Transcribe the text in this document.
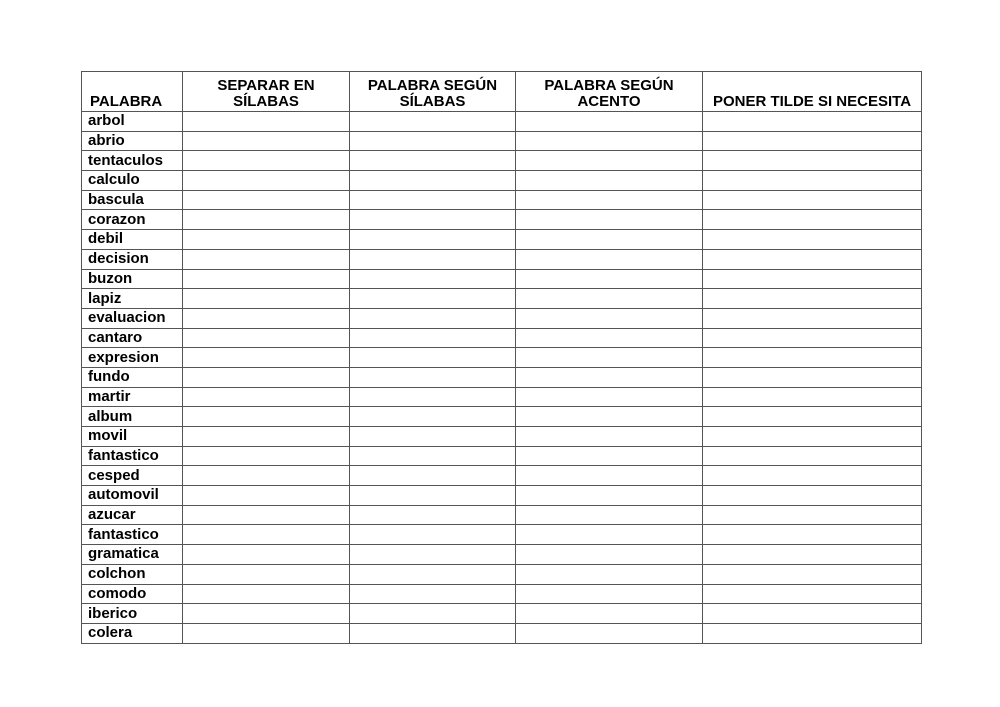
PALABRA	SEPARAR EN SÍLABAS	PALABRA SEGÚN SÍLABAS	PALABRA SEGÚN ACENTO	PONER TILDE SI NECESITA
arbol				
abrio				
tentaculos				
calculo				
bascula				
corazon				
debil				
decision				
buzon				
lapiz				
evaluacion				
cantaro				
expresion				
fundo				
martir				
album				
movil				
fantastico				
cesped				
automovil				
azucar				
fantastico				
gramatica				
colchon				
comodo				
iberico				
colera				
